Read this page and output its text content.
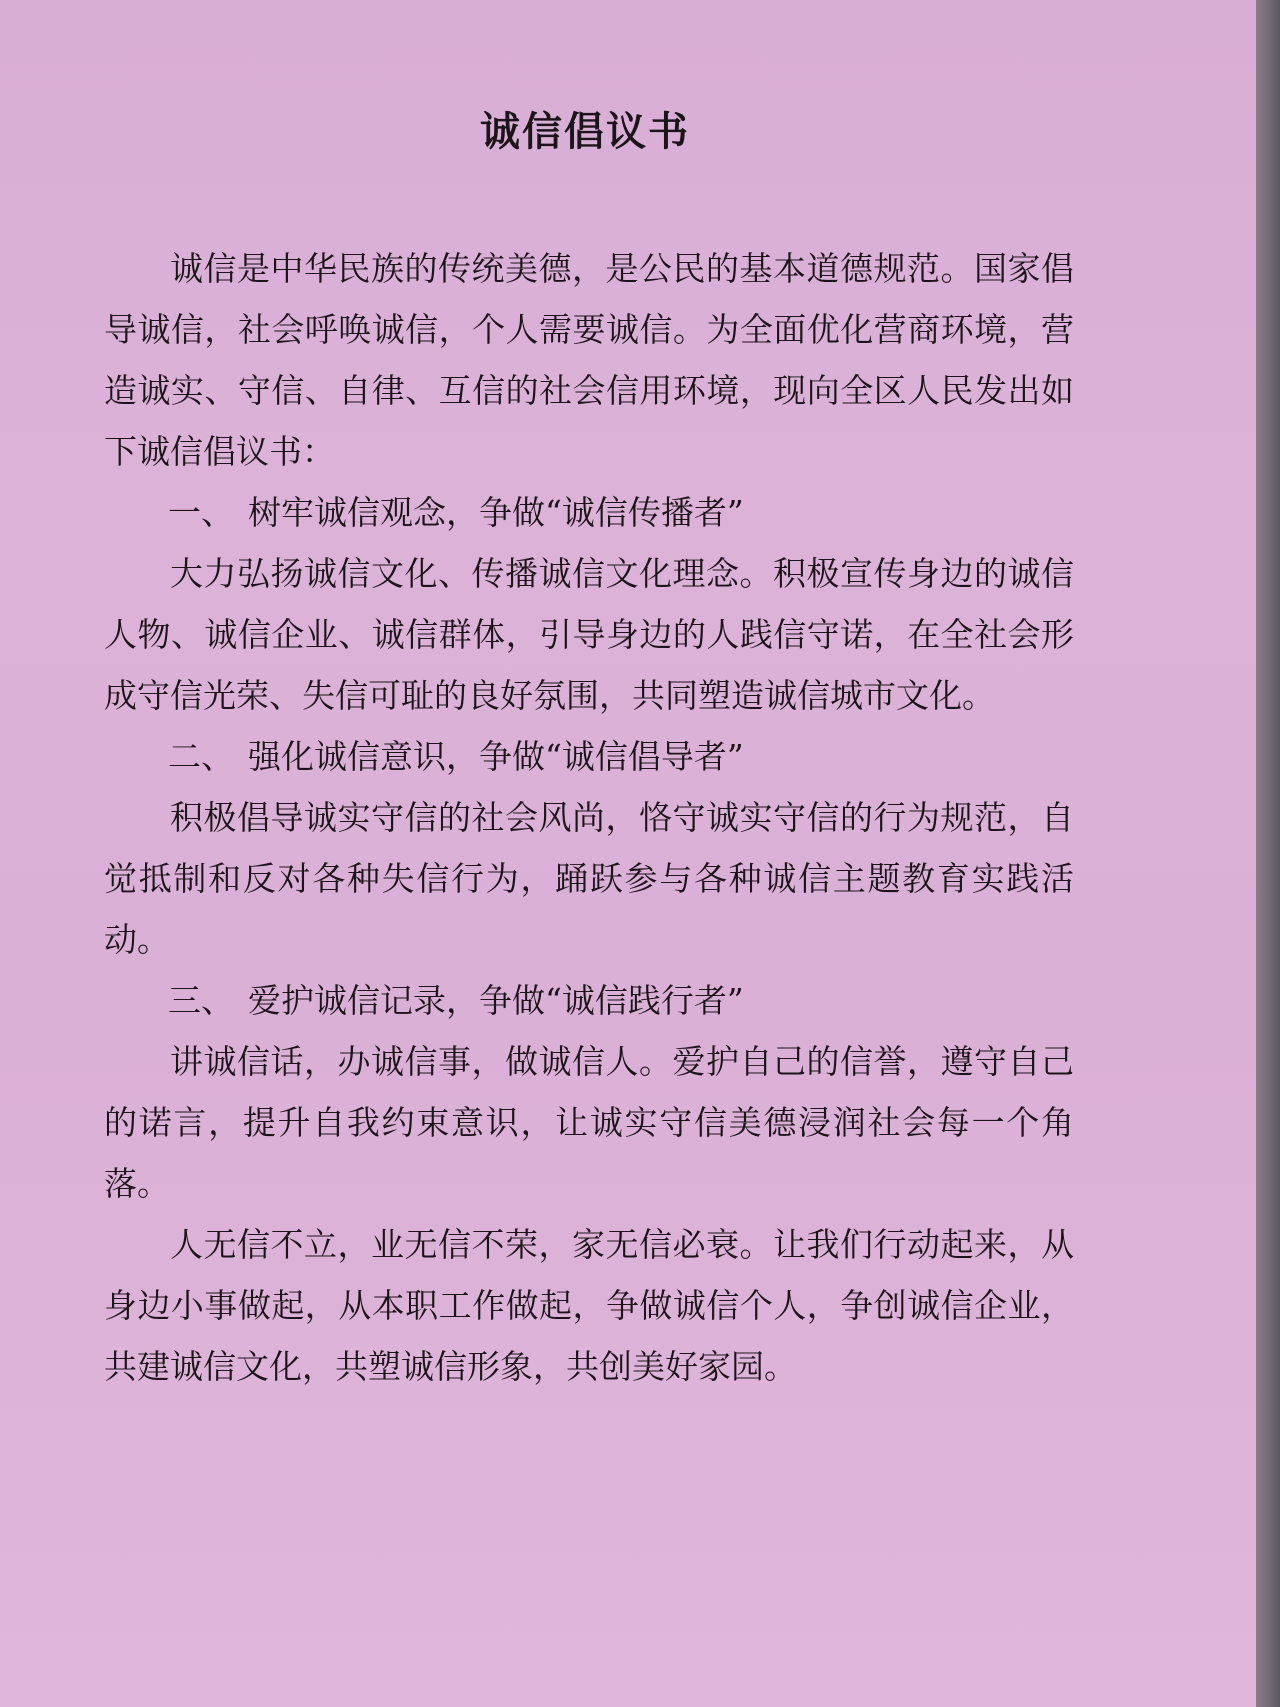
诚信倡议书

诚信是中华民族的传统美德，是公民的基本道德规范。国家倡导诚信，社会呼唤诚信，个人需要诚信。为全面优化营商环境，营造诚实、守信、自律、互信的社会信用环境，现向全区人民发出如下诚信倡议书：

一、 树牢诚信观念，争做“诚信传播者”

大力弘扬诚信文化、传播诚信文化理念。积极宣传身边的诚信人物、诚信企业、诚信群体，引导身边的人践信守诺，在全社会形成守信光荣、失信可耻的良好氛围，共同塑造诚信城市文化。

二、 强化诚信意识，争做“诚信倡导者”

积极倡导诚实守信的社会风尚，恪守诚实守信的行为规范，自觉抵制和反对各种失信行为，踊跃参与各种诚信主题教育实践活动。

三、 爱护诚信记录，争做“诚信践行者”

讲诚信话，办诚信事，做诚信人。爱护自己的信誉，遵守自己的诺言，提升自我约束意识，让诚实守信美德浸润社会每一个角落。

人无信不立，业无信不荣，家无信必衰。让我们行动起来，从身边小事做起，从本职工作做起，争做诚信个人，争创诚信企业，共建诚信文化，共塑诚信形象，共创美好家园。
